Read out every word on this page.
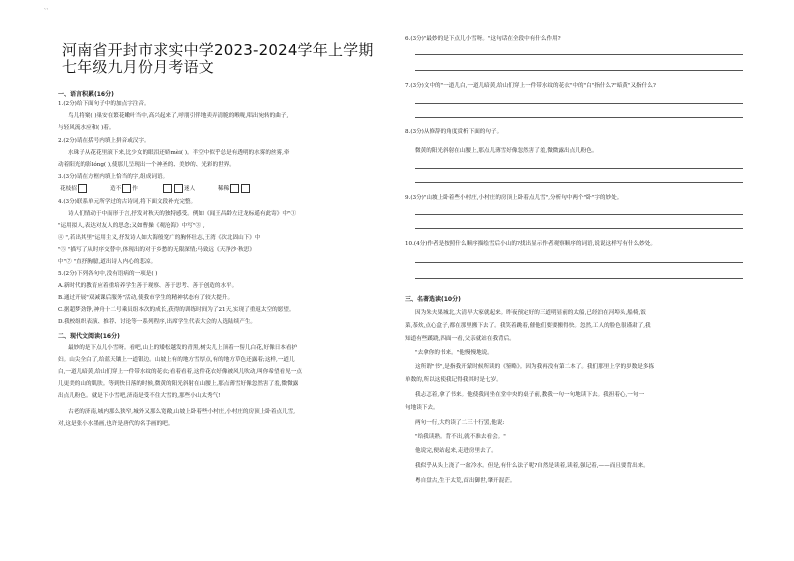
、、
河南省开封市求实中学2023-2024学年上学期
七年级九月份月考语文
一、语言积累(16分)
1.(2分)给下面句子中的加点字注音。
鸟儿将窠( )巢安在繁花嫩叶当中,高兴起来了,呼朋引伴地卖弄清脆的喉咙,唱出宛转的曲子,
与轻风流水应和( )着。
2.(2分)请在括号内填上拼音或汉字。
水珠子从花花里滚下来,比少女的眼泪还娇mèi( )。半空中似乎总是有透明的水雾的丝雾,牵
动着阳光的影lóng( ),使那儿呈现出一个神圣的、美妙的、光彩的世界。
3.(3分)请在方框内填上恰当的字,组成词语。
4.(3分)联系单元所学过的古诗词,将下面文段补充完整。
诗人们情动于中而形于言,抒发对秋天的独特感受。例如《闻王昌龄左迁龙标遥有此寄》中"①
"运用拟人,表达对友人的思念;又如曹操《观沧海》中写"③ ,
④ ",若出其里"运用主义,抒发诗人如大海般宽广的胸怀壮志,王湾《次北固山下》中
"⑤ "描写了从时序交替中,体现出的对于乡愁的无限深情;马致远《天净沙·秋思》
中"⑦ "直抒胸臆,道出诗人内心的悲凉。
5.(2分)下列各句中,没有语病的一项是( )
A.新时代的教育应着重培养学生善于观察、善于思考、善于创造的水平。
B.通过开展"双减课后服务"活动,使我市学生的精神状态有了较大提升。
C.据超梦劲铮,神舟十二号乘员组本次的成长,获得的训练时间为了21天,实现了重返太空的愿望。
D.我校组织表演、推荐、讨论等一系列程序,出席学生代表大会的人选陆续产生。
二、现代文阅读(16分)
最妙的是下点儿小雪呀。看吧,山上的矮松越发的青黑,树尖儿上顶着一髻儿白花,好像日本看护
妇。山尖全白了,给蓝天镶上一道银边。山坡上有的地方雪厚点,有的地方草色还露着;这样,一道儿
白,一道儿暗黄,给山们穿上一件带水纹的花衣;看着看着,这件花衣好像被风儿吹动,叫你希望看见一点
儿更美的山的肌肤。等到快日落的时候,微黄的阳光斜射在山腰上,那点薄雪好像忽然害了羞,微微露
出点儿粉色。就是下小雪吧,济南是受不住大雪的,那些小山太秀气!
古老的济南,城内那么狭窄,城外又那么宽敞,山坡上卧着些小村庄,小村庄的房顶上卧着点儿雪,
对,这是张小水墨画,也许是唐代的名手画的吧。
花枝招	造不 作	迷人	稀稀
6.(3分)"最妙的是下点儿小雪呀。"这句话在全段中有什么作用?
7.(3分)文中的"一道儿白,一道儿暗黄,给山们穿上一件带水纹的花衣"中的"白"指什么?"暗黄"又指什么?
8.(3分)从修辞的角度赏析下面的句子。
微黄的阳光斜射在山腰上,那点儿薄雪好像忽然害了羞,微微露出点儿粉色。
9.(3分)"山坡上卧着些小村庄,小村庄的房顶上卧着点儿雪",分析句中两个"卧"字的妙处。
10.(4分)作者是按照什么顺序描绘雪后小山的?找出显示作者观察顺序的词语,说说这样写有什么妙处。
三、名著选读(10分)
因为朱夫果城北,大清早大家就起来。昨夜预定好的三道明显前的太船,已经泊在河埠头,船椅,饭
菜,茶炊,点心盒子,都在那里搬下去了。我笑着跳着,催他们要要搬得快。忽然,工人的脸色很谨肃了,我
知道有些蹊跷,四面一看,父亲就站在我背后。
"去拿你的书来。"他慢慢地说。
这所谓"书",是指我开蒙时候所读的《鉴略》。因为我再没有第二本了。我们那里上学的岁数是多拣
单数的,所以这使我记得我其时是七岁。
我忐忑着,拿了书来。他使我同坐在堂中央的桌子前,教我一句一句地读下去。我担着心,一句一
句地读下去。
两句一行,大约读了二三十行罢,他说:
"给我读熟。背不出,就不准去看会。"
他说完,便站起来,走进房里去了。
我似乎从头上浇了一盆冷水。但是,有什么法子呢?自然是读着,读着,强记着,——而且要背出来。
粤自盘古,生于太荒,首出御世,肇开混茫。
